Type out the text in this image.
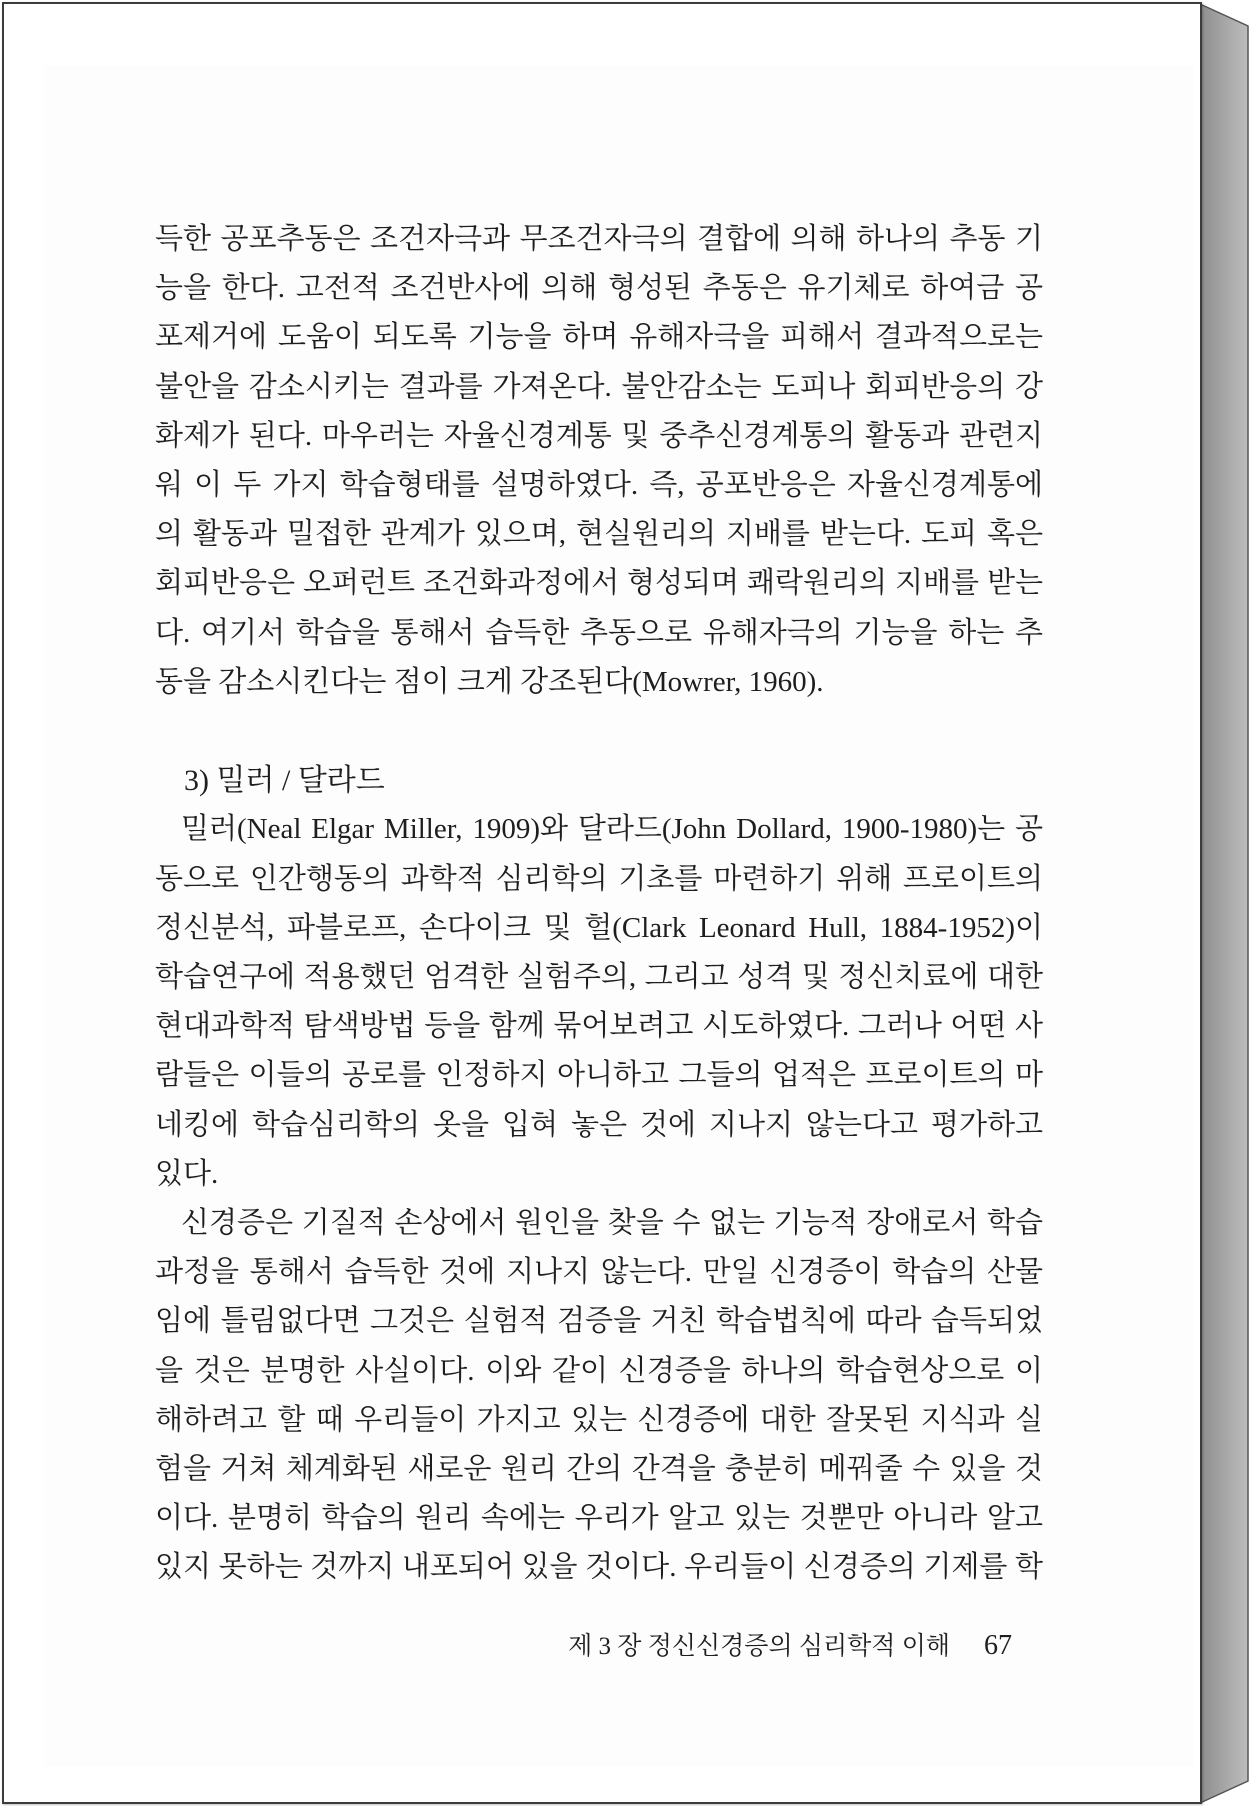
득한 공포추동은 조건자극과 무조건자극의 결합에 의해 하나의 추동 기
능을 한다. 고전적 조건반사에 의해 형성된 추동은 유기체로 하여금 공
포제거에 도움이 되도록 기능을 하며 유해자극을 피해서 결과적으로는
불안을 감소시키는 결과를 가져온다. 불안감소는 도피나 회피반응의 강
화제가 된다. 마우러는 자율신경계통 및 중추신경계통의 활동과 관련지
워 이 두 가지 학습형태를 설명하였다. 즉, 공포반응은 자율신경계통에
의 활동과 밀접한 관계가 있으며, 현실원리의 지배를 받는다. 도피 혹은
회피반응은 오퍼런트 조건화과정에서 형성되며 쾌락원리의 지배를 받는
다. 여기서 학습을 통해서 습득한 추동으로 유해자극의 기능을 하는 추
동을 감소시킨다는 점이 크게 강조된다(Mowrer, 1960).
3) 밀러 / 달라드
밀러(Neal Elgar Miller, 1909)와 달라드(John Dollard, 1900-1980)는 공
동으로 인간행동의 과학적 심리학의 기초를 마련하기 위해 프로이트의
정신분석, 파블로프, 손다이크 및 헐(Clark Leonard Hull, 1884-1952)이
학습연구에 적용했던 엄격한 실험주의, 그리고 성격 및 정신치료에 대한
현대과학적 탐색방법 등을 함께 묶어보려고 시도하였다. 그러나 어떤 사
람들은 이들의 공로를 인정하지 아니하고 그들의 업적은 프로이트의 마
네킹에 학습심리학의 옷을 입혀 놓은 것에 지나지 않는다고 평가하고
있다.
신경증은 기질적 손상에서 원인을 찾을 수 없는 기능적 장애로서 학습
과정을 통해서 습득한 것에 지나지 않는다. 만일 신경증이 학습의 산물
임에 틀림없다면 그것은 실험적 검증을 거친 학습법칙에 따라 습득되었
을 것은 분명한 사실이다. 이와 같이 신경증을 하나의 학습현상으로 이
해하려고 할 때 우리들이 가지고 있는 신경증에 대한 잘못된 지식과 실
험을 거쳐 체계화된 새로운 원리 간의 간격을 충분히 메꿔줄 수 있을 것
이다. 분명히 학습의 원리 속에는 우리가 알고 있는 것뿐만 아니라 알고
있지 못하는 것까지 내포되어 있을 것이다. 우리들이 신경증의 기제를 학
제 3 장 정신신경증의 심리학적 이해 67
